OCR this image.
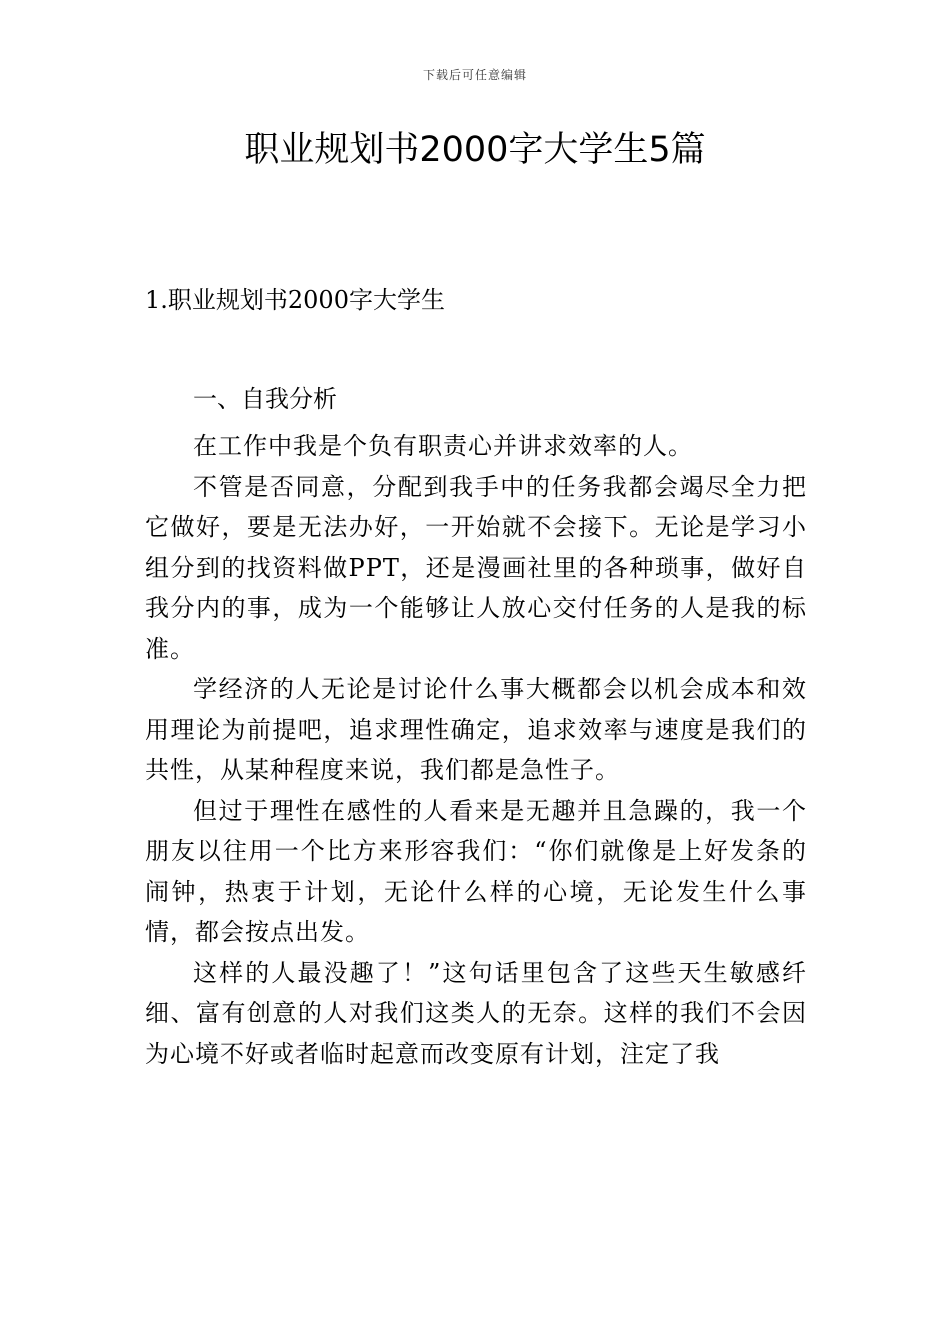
下载后可任意编辑
职业规划书2000字大学生5篇
1.职业规划书2000字大学生
一、自我分析

在工作中我是个负有职责心并讲求效率的人。

不管是否同意，分配到我手中的任务我都会竭尽全力把它做好，要是无法办好，一开始就不会接下。无论是学习小组分到的找资料做PPT，还是漫画社里的各种琐事，做好自我分内的事，成为一个能够让人放心交付任务的人是我的标准。

学经济的人无论是讨论什么事大概都会以机会成本和效用理论为前提吧，追求理性确定，追求效率与速度是我们的共性，从某种程度来说，我们都是急性子。

但过于理性在感性的人看来是无趣并且急躁的，我一个朋友以往用一个比方来形容我们：“你们就像是上好发条的闹钟，热衷于计划，无论什么样的心境，无论发生什么事情，都会按点出发。

这样的人最没趣了！”这句话里包含了这些天生敏感纤细、富有创意的人对我们这类人的无奈。这样的我们不会因为心境不好或者临时起意而改变原有计划，注定了我
